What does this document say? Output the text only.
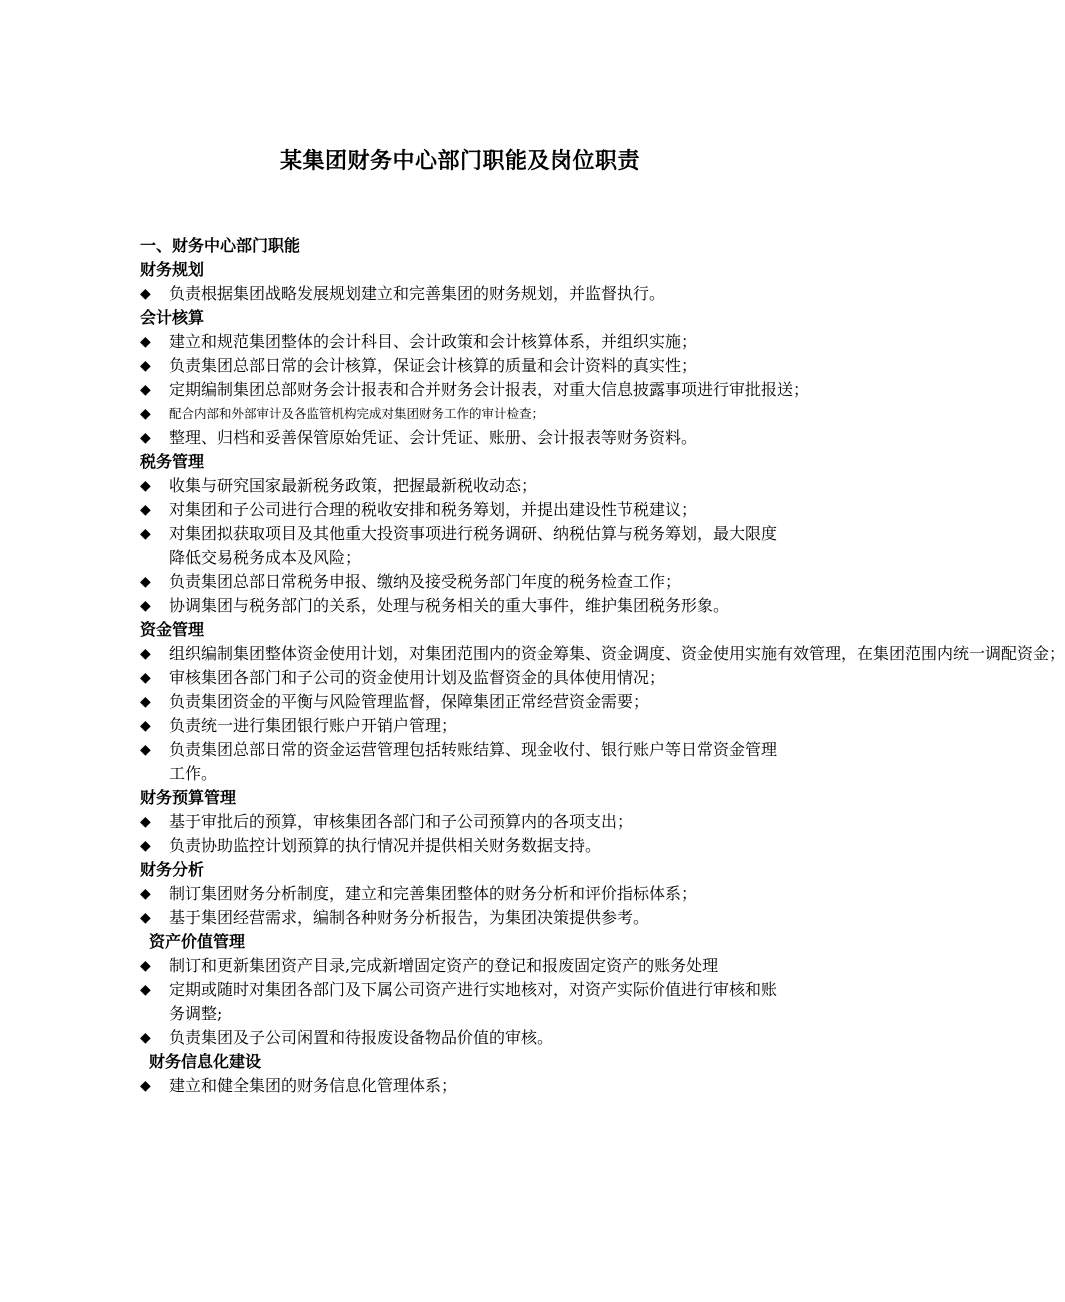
某集团财务中心部门职能及岗位职责
一、财务中心部门职能
财务规划
◆	负责根据集团战略发展规划建立和完善集团的财务规划，并监督执行。
会计核算
◆	建立和规范集团整体的会计科目、会计政策和会计核算体系，并组织实施；
◆	负责集团总部日常的会计核算，保证会计核算的质量和会计资料的真实性；
◆	定期编制集团总部财务会计报表和合并财务会计报表，对重大信息披露事项进行审批报送；
◆	配合内部和外部审计及各监管机构完成对集团财务工作的审计检查；
◆	整理、归档和妥善保管原始凭证、会计凭证、账册、会计报表等财务资料。
税务管理
◆	收集与研究国家最新税务政策，把握最新税收动态；
◆	对集团和子公司进行合理的税收安排和税务筹划，并提出建设性节税建议；
◆	对集团拟获取项目及其他重大投资事项进行税务调研、纳税估算与税务筹划，最大限度降低交易税务成本及风险；
◆	负责集团总部日常税务申报、缴纳及接受税务部门年度的税务检查工作；
◆	协调集团与税务部门的关系，处理与税务相关的重大事件，维护集团税务形象。
资金管理
◆	组织编制集团整体资金使用计划，对集团范围内的资金筹集、资金调度、资金使用实施有效管理，在集团范围内统一调配资金；
◆	审核集团各部门和子公司的资金使用计划及监督资金的具体使用情况；
◆	负责集团资金的平衡与风险管理监督，保障集团正常经营资金需要；
◆	负责统一进行集团银行账户开销户管理；
◆	负责集团总部日常的资金运营管理包括转账结算、现金收付、银行账户等日常资金管理工作。
财务预算管理
◆	基于审批后的预算，审核集团各部门和子公司预算内的各项支出；
◆	负责协助监控计划预算的执行情况并提供相关财务数据支持。
财务分析
◆	制订集团财务分析制度，建立和完善集团整体的财务分析和评价指标体系；
◆	基于集团经营需求，编制各种财务分析报告，为集团决策提供参考。
资产价值管理
◆	制订和更新集团资产目录,完成新增固定资产的登记和报废固定资产的账务处理
◆	定期或随时对集团各部门及下属公司资产进行实地核对，对资产实际价值进行审核和账务调整;
◆	负责集团及子公司闲置和待报废设备物品价值的审核。
财务信息化建设
◆	建立和健全集团的财务信息化管理体系；
